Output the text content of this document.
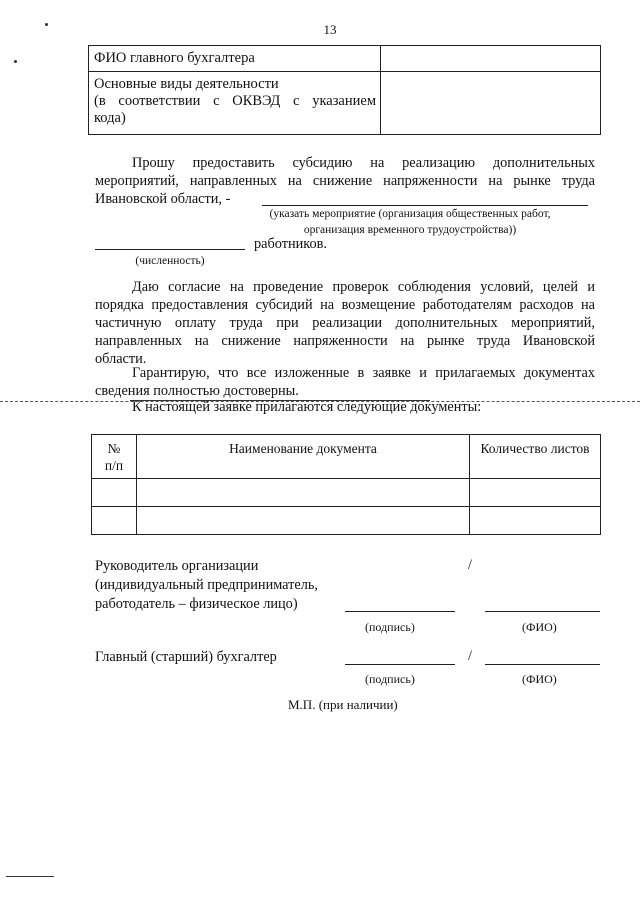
13
ФИО главного бухгалтера	

Основные виды деятельности
(в соответствии с ОКВЭД с указанием
кода)	

Прошу предоставить субсидию на реализацию дополнительных
мероприятий, направленных на снижение напряженности на рынке труда
Ивановской области, -
(указать мероприятие (организация общественных работ,
организация временного трудоустройства))
работников.
(численность)
Даю согласие на проведение проверок соблюдения условий, целей и
порядка предоставления субсидий на возмещение работодателям расходов на
частичную оплату труда при реализации дополнительных мероприятий,
направленных на снижение напряженности на рынке труда Ивановской
области.
Гарантирую, что все изложенные в заявке и прилагаемых документах
сведения полностью достоверны.
К настоящей заявке прилагаются следующие документы:
№
п/п	Наименование документа	Количество листов

Руководитель организации
(индивидуальный предприниматель,
работодатель – физическое лицо)
/
(подпись)	(ФИО)
Главный (старший) бухгалтер	/
(подпись)	(ФИО)
М.П. (при наличии)
